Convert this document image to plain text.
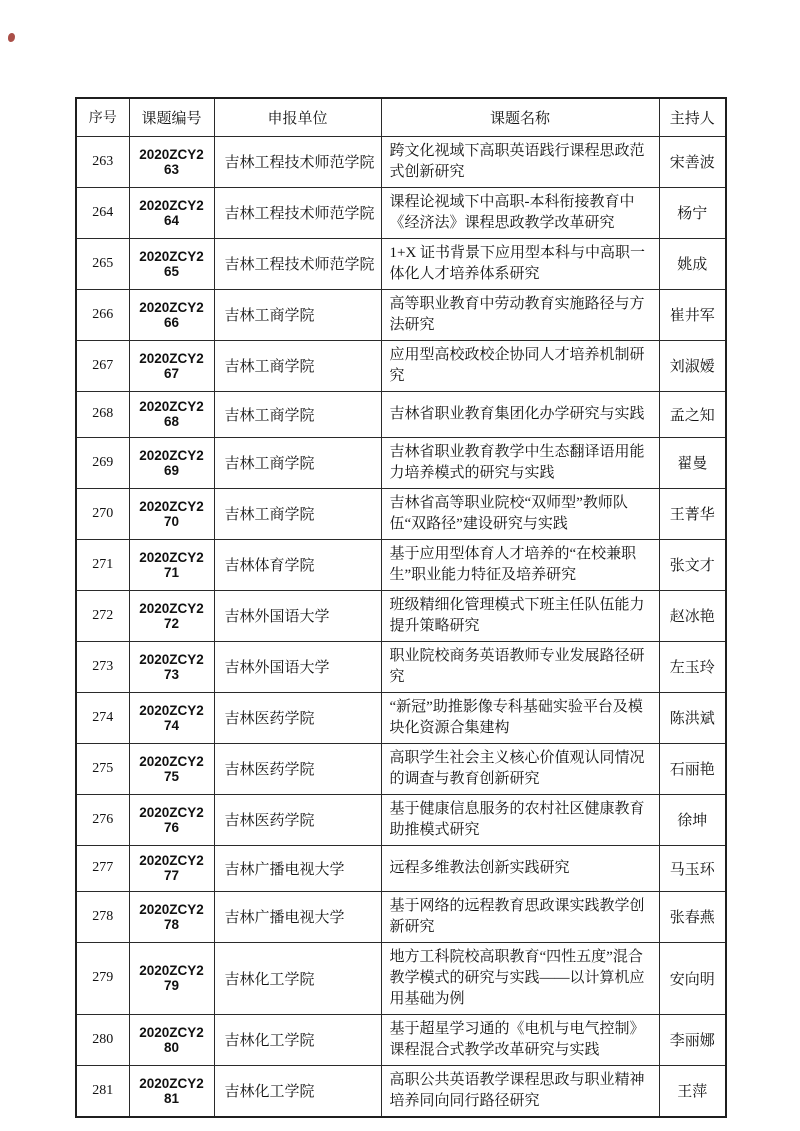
序号	课题编号	申报单位	课题名称	主持人
263	2020ZCY263	吉林工程技术师范学院	跨文化视域下高职英语践行课程思政范式创新研究	宋善波
264	2020ZCY264	吉林工程技术师范学院	课程论视域下中高职-本科衔接教育中《经济法》课程思政教学改革研究	杨宁
265	2020ZCY265	吉林工程技术师范学院	1+X 证书背景下应用型本科与中高职一体化人才培养体系研究	姚成
266	2020ZCY266	吉林工商学院	高等职业教育中劳动教育实施路径与方法研究	崔井军
267	2020ZCY267	吉林工商学院	应用型高校政校企协同人才培养机制研究	刘淑嫒
268	2020ZCY268	吉林工商学院	吉林省职业教育集团化办学研究与实践	孟之知
269	2020ZCY269	吉林工商学院	吉林省职业教育教学中生态翻译语用能力培养模式的研究与实践	翟曼
270	2020ZCY270	吉林工商学院	吉林省高等职业院校“双师型”教师队伍“双路径”建设研究与实践	王菁华
271	2020ZCY271	吉林体育学院	基于应用型体育人才培养的“在校兼职生”职业能力特征及培养研究	张文才
272	2020ZCY272	吉林外国语大学	班级精细化管理模式下班主任队伍能力提升策略研究	赵冰艳
273	2020ZCY273	吉林外国语大学	职业院校商务英语教师专业发展路径研究	左玉玲
274	2020ZCY274	吉林医药学院	“新冠”助推影像专科基础实验平台及模块化资源合集建构	陈洪斌
275	2020ZCY275	吉林医药学院	高职学生社会主义核心价值观认同情况的调查与教育创新研究	石丽艳
276	2020ZCY276	吉林医药学院	基于健康信息服务的农村社区健康教育助推模式研究	徐坤
277	2020ZCY277	吉林广播电视大学	远程多维教法创新实践研究	马玉环
278	2020ZCY278	吉林广播电视大学	基于网络的远程教育思政课实践教学创新研究	张春燕
279	2020ZCY279	吉林化工学院	地方工科院校高职教育“四性五度”混合教学模式的研究与实践——以计算机应用基础为例	安向明
280	2020ZCY280	吉林化工学院	基于超星学习通的《电机与电气控制》课程混合式教学改革研究与实践	李丽娜
281	2020ZCY281	吉林化工学院	高职公共英语教学课程思政与职业精神培养同向同行路径研究	王萍
